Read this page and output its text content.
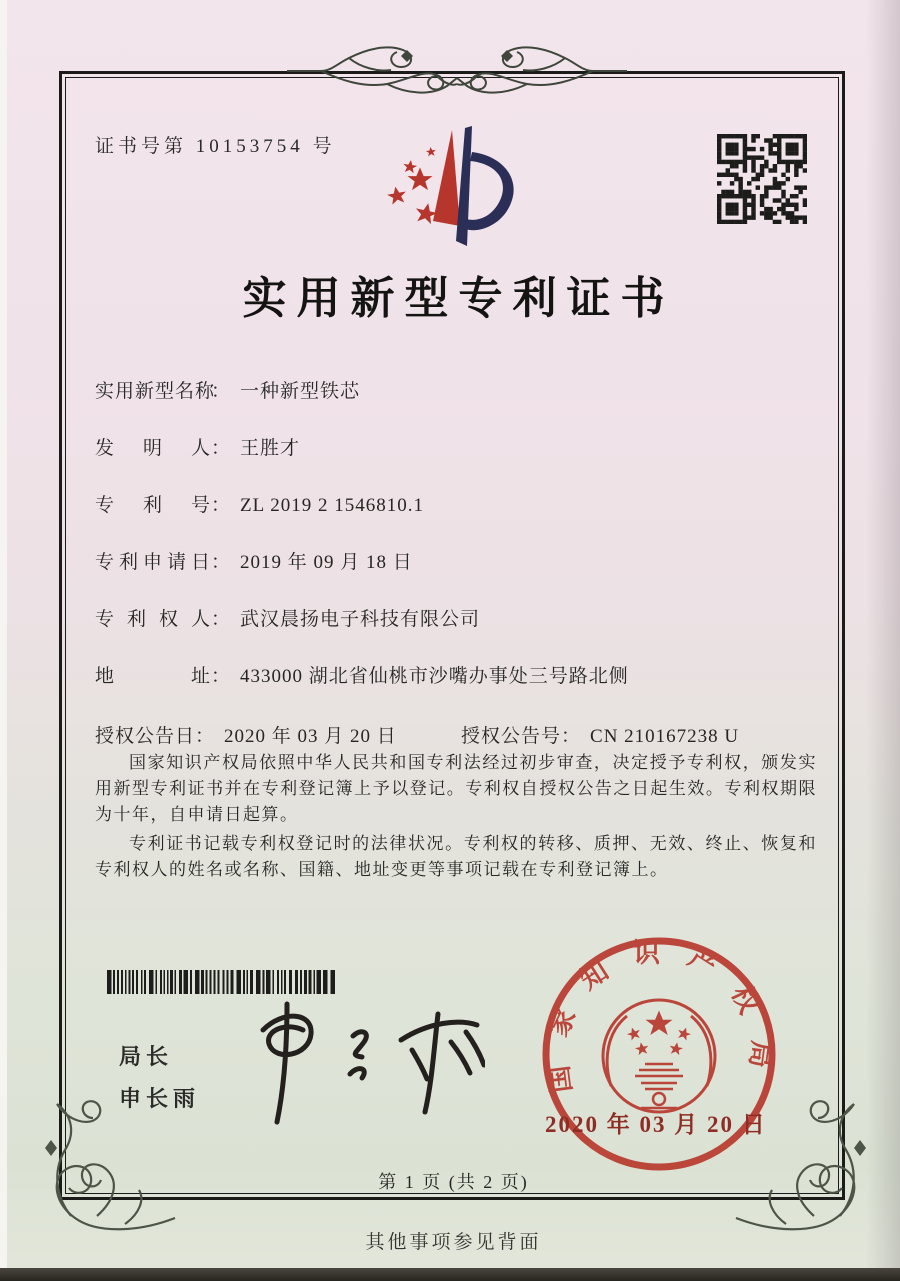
证书号第 10153754 号
实用新型专利证书
实用新型名称： 一种新型铁芯
发明人： 王胜才
专利号： ZL 2019 2 1546810.1
专利申请日： 2019 年 09 月 18 日
专利权人： 武汉晨扬电子科技有限公司
地址： 433000 湖北省仙桃市沙嘴办事处三号路北侧
授权公告日： 2020 年 03 月 20 日	授权公告号： CN 210167238 U

国家知识产权局依照中华人民共和国专利法经过初步审查，决定授予专利权，颁发实用新型专利证书并在专利登记簿上予以登记。专利权自授权公告之日起生效。专利权期限为十年，自申请日起算。

专利证书记载专利权登记时的法律状况。专利权的转移、质押、无效、终止、恢复和专利权人的姓名或名称、国籍、地址变更等事项记载在专利登记簿上。

局长
申长雨
国家知识产权局
2020 年 03 月 20 日
第 1 页 (共 2 页)
其他事项参见背面
